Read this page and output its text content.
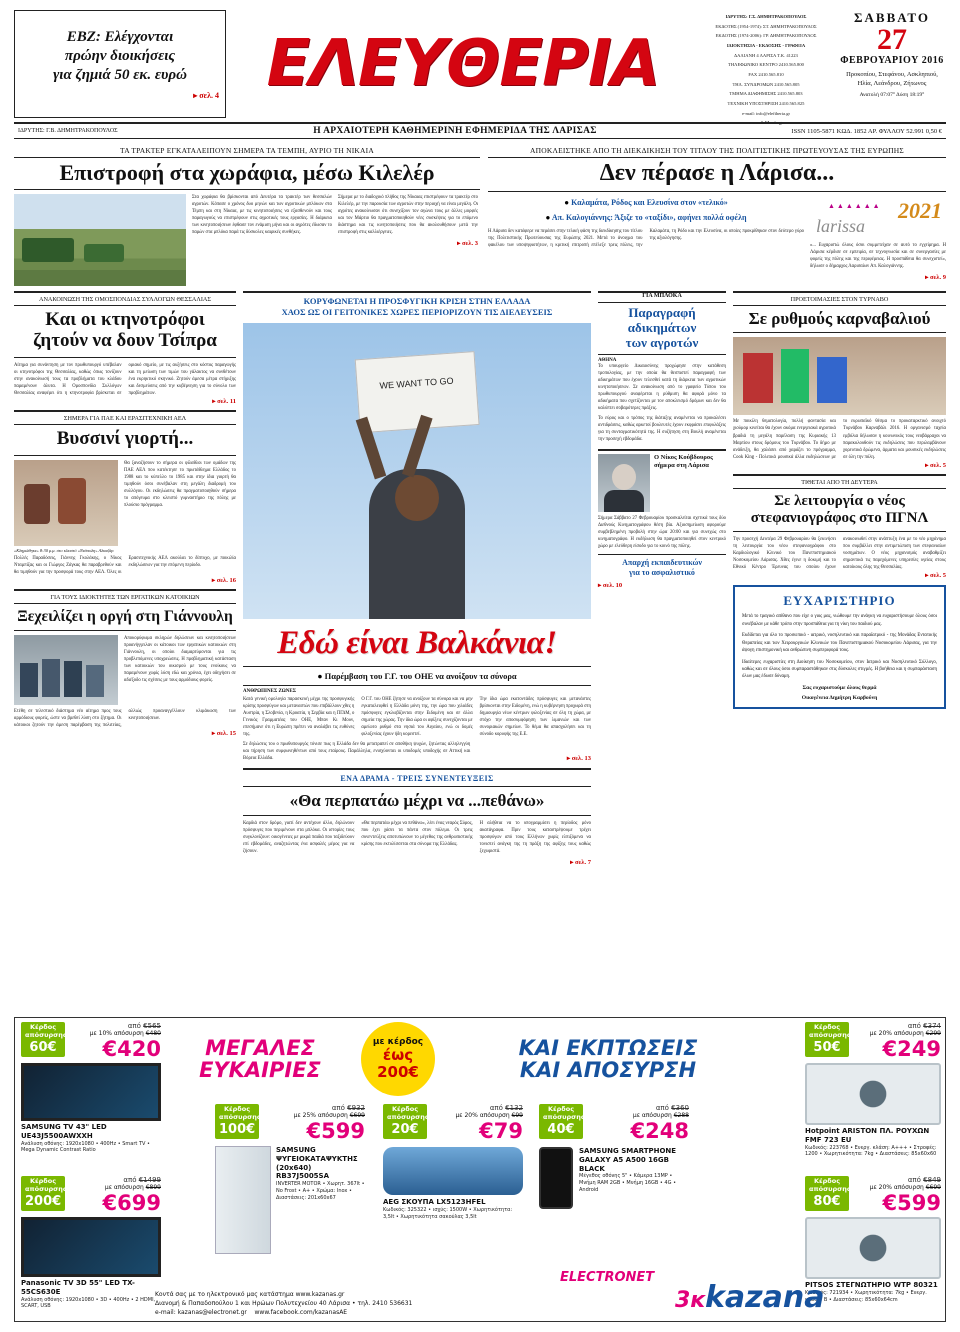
ΕΒΖ: Ελέγχονται
πρώην διοικήσεις
για ζημιά 50 εκ. ευρώ
▸ σελ. 4 ΕΛΕΥΘΕΡΙΑ
ΙΔΡΥΤΗΣ: Γ.Σ. ΔΗΜΗΤΡΑΚΟΠΟΥΛΟΣ
ΕΚΔΟΤΗΣ (1954-1974): ΣΤ. ΔΗΜΗΤΡΑΚΟΠΟΥΛΟΣ
ΕΚΔΟΤΗΣ (1974-2006): ΓΡ. ΔΗΜΗΤΡΑΚΟΠΟΥΛΟΣ
ΙΔΙΟΚΤΗΣΙΑ - ΕΚΔΟΣΗΣ - ΓΡΑΦΕΙΑ
ΔΑΛΙΑΝΗ 4 ΛΑΡΙΣΑ Τ.Κ. 41223
ΤΗΛΕΦΩΝΙΚΟ ΚΕΝΤΡΟ 2410.565.800
FAX 2410.565.810
ΤΗΛ. ΣΥΝΔΡΟΜΩΝ 2410.565.805
ΤΜΗΜΑ ΔΙΑΦΗΜΙΣΗΣ 2410.565.803
ΤΕΧΝΙΚΗ ΥΠΟΣΤΗΡΙΞΗ 2410.565.825
e-mail: info@eleftheria.gr
www.eleftheria.gr
ΣΑΒΒΑΤΟ
27
ΦΕΒΡΟΥΑΡΙΟΥ 2016
Προκοπίου, Στεφάνου, Ασκληπιού, Ηλία, Λεάνδρου, Ζήτωνος
Ανατολή 07:07° Δύση 18:19°
ΙΔΡΥΤΗΣ: Γ.Β. ΔΗΜΗΤΡΑΚΟΠΟΥΛΟΣ	Η ΑΡΧΑΙΟΤΕΡΗ ΚΑΘΗΜΕΡΙΝΗ ΕΦΗΜΕΡΙΔΑ ΤΗΣ ΛΑΡΙΣΑΣ	ISSN 1105-5871 ΚΩΔ. 1852 ΑΡ. ΦΥΛΛΟΥ 52.991 0,50 €
ΤΑ ΤΡΑΚΤΕΡ ΕΓΚΑΤΑΛΕΙΠΟΥΝ ΣΗΜΕΡΑ ΤΑ ΤΕΜΠΗ, ΑΥΡΙΟ ΤΗ ΝΙΚΑΙΑ
Επιστροφή στα χωράφια, μέσω Κιλελέρ
Στα χωράφια θα βρίσκονται από Δευτέρα τα τρακτέρ των θεσσαλών αγροτών. Κόπασε ο χρόνος δυο μηνών και των αγροτικών μπλόκων στα Τέμπη και στη Νίκαια, με τις κινητοποιήσεις να εξασθενούν και τους παραγωγούς να επιστρέφουν στις αγροτικές τους εργασίες. Η διάρκεια των κινητοποιήσεων έφθασε τον ενάμιση μήνα και οι αγρότες έδωσαν το παρών στα μπλόκα παρά τις δύσκολες καιρικές συνθήκες.
Σήμερα με το διαδοχικό πλήθος της Νίκαιας επιστρέφουν τα τρακτέρ στο Κιλελέρ, με την παρουσία των αγροτών στην περιοχή να είναι μεγάλη. Οι αγρότες ανακοίνωσαν ότι συνεχίζουν τον αγώνα τους με άλλες μορφές και τον Μάρτιο θα πραγματοποιηθούν νέες συσκέψεις για το επόμενο διάστημα και τις κινητοποιήσεις που θα ακολουθήσουν μετά την επιστροφή στις καλλιέργειες.
▸ σελ. 3
ΑΠΟΚΛΕΙΣΤΗΚΕ ΑΠΟ ΤΗ ΔΙΕΚΔΙΚΗΣΗ ΤΟΥ ΤΙΤΛΟΥ ΤΗΣ ΠΟΛΙΤΙΣΤΙΚΗΣ ΠΡΩΤΕΥΟΥΣΑΣ ΤΗΣ ΕΥΡΩΠΗΣ
Δεν πέρασε η Λάρισα...
● Καλαμάτα, Ρόδος και Ελευσίνα στον «τελικό»
● Απ. Καλογιάννης: Άξιζε το «ταξίδι», αφήνει πολλά οφέλη
Η Λάρισα δεν κατάφερε να περάσει στην τελική φάση της διεκδίκησης του τίτλου της Πολιτιστικής Πρωτεύουσας της Ευρώπης 2021. Μετά το άνοιγμα του φακέλου των υποψηφιοτήτων, η κριτική επιτροπή επέλεξε τρεις πόλεις, την Καλαμάτα, τη Ρόδο και την Ελευσίνα, οι οποίες προκρίθηκαν στον δεύτερο γύρο της αξιολόγησης.
2021
larissa
▲▲▲▲▲▲
«... Ευχαριστώ όλους όσοι συμμετείχαν σε αυτό το εγχείρημα. Η Λάρισα κέρδισε σε εμπειρία, σε τεχνογνωσία και σε συνεργασίες με φορείς της πόλης και της περιφέρειας. Η προσπάθεια θα συνεχιστεί», δήλωσε ο δήμαρχος Λαρισαίων Απ. Καλογιάννης.
▸ σελ. 9
ΑΝΑΚΟΙΝΩΣΗ ΤΗΣ ΟΜΟΣΠΟΝΔΙΑΣ ΣΥΛΛΟΓΩΝ ΘΕΣΣΑΛΙΑΣ
Και οι κτηνοτρόφοι
ζητούν να δουν Τσίπρα
Αίτημα για συνάντηση με τον πρωθυπουργό υπέβαλαν οι κτηνοτρόφοι της Θεσσαλίας, καθώς όπως τονίζουν στην ανακοίνωσή τους τα προβλήματα του κλάδου παραμένουν άλυτα. Η Ομοσπονδία Συλλόγων Θεσσαλίας αναφέρει ότι η κτηνοτροφία βρίσκεται σε οριακό σημείο, με τις αυξήσεις στο κόστος παραγωγής και τη μείωση των τιμών του γάλακτος να συνθέτουν ένα εκρηκτικό σκηνικό. Ζητούν άμεσα μέτρα στήριξης και δεσμεύσεις από την κυβέρνηση για το σύνολο των προβλημάτων.
▸ σελ. 11
ΣΗΜΕΡΑ ΓΙΑ ΠΑΕ ΚΑΙ ΕΡΑΣΙΤΕΧΝΙΚΗ ΑΕΛ
Βυσσινί γιορτή...
Θα ξαναζήσουν το σήμερα οι φίλαθλοι των ομάδων της ΠΑΕ ΑΕΛ που κατέκτησε το πρωτάθλημα Ελλάδος το 1988 και το κύπελλο το 1985 και στην ίδια γιορτή θα τιμηθούν όσοι συνέβαλαν στη μεγάλη διαδρομή του συλλόγου. Οι εκδηλώσεις θα πραγματοποιηθούν σήμερα το απόγευμα στο κλειστό γυμναστήριο της πόλης με πλούσιο πρόγραμμα.
«Κληρώθηκε» 8:30 μ.μ. στο κλειστό «Νεάπολη» Αλκαζάρ
Πολλές Παραδόσεις, Γιάννης Γκολάκης, ο Νίκος Νταμπίζας και οι Γιώργος Ζάγκας θα παραβρεθούν και θα τιμηθούν για την προσφορά τους στην ΑΕΛ. Όλες οι Ερασιτεχνικής ΑΕΛ ακούλαι το δίπτυχο, με ποικιλία εκδηλώσεων για την επόμενη περίοδο.
▸ σελ. 16
ΓΙΑ ΤΟΥΣ ΙΔΙΟΚΤΗΤΕΣ ΤΩΝ ΕΡΓΑΤΙΚΩΝ ΚΑΤΟΙΚΙΩΝ
Ξεχειλίζει η οργή στη Γιάννουλη
Αποκορύφωμα σκληρών δηλώσεων και κινητοποιήσεων προανήγγειλαν οι κάτοικοι των εργατικών κατοικιών στη Γιάννουλη, οι οποίοι διαμαρτύρονται για τις προβλεπόμενες υποχρεώσεις. Η προβληματική κατάσταση των κατοικιών του οικισμού με τους ενοίκους να παραμένουν χωρίς λύση εδώ και χρόνια, έχει οδηγήσει σε αδιέξοδο τις σχέσεις με τους αρμόδιους φορείς.
Ετέθη σε τελεστικό διάστημα νέο αίτημα προς τους αρμόδιους φορείς, ώστε να βρεθεί λύση στο ζήτημα. Οι κάτοικοι ζητούν την άμεση παρέμβαση της πολιτείας, αλλιώς προαναγγέλλουν κλιμάκωση των κινητοποιήσεων.
▸ σελ. 15
ΚΟΡΥΦΩΝΕΤΑΙ Η ΠΡΟΣΦΥΓΙΚΗ ΚΡΙΣΗ ΣΤΗΝ ΕΛΛΑΔΑ
ΧΑΟΣ ΩΣ ΟΙ ΓΕΙΤΟΝΙΚΕΣ ΧΩΡΕΣ ΠΕΡΙΟΡΙΖΟΥΝ ΤΙΣ ΔΙΕΛΕΥΣΕΙΣ
WE WANT TO GO
Εδώ είναι Βαλκάνια!
● Παρέμβαση του Γ.Γ. του ΟΗΕ να ανοίξουν τα σύνορα
ΑΝΘΡΩΠΙΝΕΣ ΖΩΝΕΣ
Κατά γενική ομολογία παρασκευή μέχρι της προσφυγικής κρίσης προσφύγων και μεταναστών που επιβάλλουν χθες η Αυστρία, η Σλοβενία, η Κροατία, η Σερβία και η ΠΓΔΜ, ο Γενικός Γραμματέας του ΟΗΕ, Μπαν Κι Μουν, επεσήμανε ότι η Ευρώπη πρέπει να αναλάβει τις ευθύνες της.
Ο Γ.Γ. του ΟΗΕ ζήτησε να ανοίξουν τα σύνορα και να μην εγκαταλειφθεί η Ελλάδα μόνη της, την ώρα που χιλιάδες πρόσφυγες εγκλωβίζονται στην Ειδομένη και σε άλλα σημεία της χώρας. Την ίδια ώρα οι αφίξεις συνεχίζονται με αμείωτο ρυθμό στα νησιά του Αιγαίου, ενώ οι δομές φιλοξενίας έχουν ήδη κορεστεί.
Την ίδια ώρα εκατοντάδες πρόσφυγες και μετανάστες βρίσκονται στην Ειδομένη, ενώ η κυβέρνηση προχωρά στη δημιουργία νέων κέντρων φιλοξενίας σε όλη τη χώρα, με στόχο την αποσυμφόρηση των λιμανιών και των συνοριακών σημείων. Το θέμα θα απασχολήσει και τη σύνοδο κορυφής της Ε.Ε.
Σε δηλώσεις του ο πρωθυπουργός τόνισε πως η Ελλάδα δεν θα μετατραπεί σε αποθήκη ψυχών, ζητώντας αλληλεγγύη και τήρηση των συμφωνηθέντων από τους εταίρους. Παράλληλα, ενισχύονται οι υποδομές υποδοχής σε Αττική και Βόρεια Ελλάδα.	▸ σελ. 13
ΕΝΑ ΔΡΑΜΑ - ΤΡΕΙΣ ΣΥΝΕΝΤΕΥΞΕΙΣ
«Θα περπατάω μέχρι να ...πεθάνω»
Καρδιά στον δρόμο, γιατί δεν αντέχουν άλλο, δηλώνουν πρόσφυγες που περιμένουν στα μπλόκα. Οι ιστορίες τους συγκλονίζουν: οικογένειες με μικρά παιδιά που ταξιδεύουν επί εβδομάδες, αναζητώντας ένα ασφαλές μέρος για να ζήσουν.
«Θα περπατάω μέχρι να πεθάνω», λέει ένας νεαρός Σύρος, που έχει χάσει τα πάντα στον πόλεμο. Οι τρεις συνεντεύξεις αποτυπώνουν το μέγεθος της ανθρωπιστικής κρίσης που εκτυλίσσεται στα σύνορα της Ελλάδας.
Η αλήθεια να το υπογραμμίσει η περίοδος μόνο ακατάγραφα. Πριν τους καταστρέψουμε τρέχει προσφύγων από τους Ελλήνων χωρίς ελπιζόμενα να τονιστεί ανάγκη της τη πράξη της αφίξης τους καθώς ξεχωριστά.
▸ σελ. 7
ΓΙΑ ΜΠΛΟΚΑ
Παραγραφή
αδικημάτων
των αγροτών
ΑΘΗΝΑ
Το υπουργείο Δικαιοσύνης προχώρησε στην κατάθεση τροπολογίας, με την οποία θα θεσπιστεί παραγραφή των αδικημάτων που έχουν τελεσθεί κατά τη διάρκεια των αγροτικών κινητοποιήσεων. Σε ανακοίνωση από το γραφείο Τύπου του πρωθυπουργού αναφέρεται η ρύθμιση θα αφορά μόνο τα αδικήματα που σχετίζονται με τον αποκλεισμό δρόμων και δεν θα καλύπτει σοβαρότερες πράξεις.
Το εύρος και ο τρόπος της διάταξης αναμένεται να προκαλέσει αντιδράσεις, καθώς αρκετοί βουλευτές έχουν εκφράσει επιφυλάξεις για τη συνταγματικότητά της. Η συζήτηση στη Βουλή αναμένεται την προσεχή εβδομάδα.
Ο Νίκος Κούβδουρος σήμερα στη Λάρισα
Σήμερα Σάββατο 27 Φεβρουαρίου προσκαλείται σχετικά τους δύο Διεθνούς Κινηματογράφου θέση βία. Αξιοσημείωση αφορούμε συμβεβλημένη προβολή στην ώρα 20:00 και για συνεχώς στο κινηματογράφο. Η εκδήλωση θα πραγματοποιηθεί στον κεντρικό χώρο με ελεύθερη είσοδο για το κοινό της πόλης.
Απαρχή εκπαιδευτικών
για το ασφαλιστικό
▸ σελ. 10
ΠΡΟΕΤΟΙΜΑΣΙΕΣ ΣΤΟΝ ΤΥΡΝΑΒΟ
Σε ρυθμούς καρναβαλιού
Με ποικίλη θεματολογία, πολλή φαντασία και χιούμορ κινείται θα έχουν ακόμα ενεργειακά αγροτικά βραδιά τη μεγάλη παρέλαση της Κυριακής 13 Μαρτίου στους δρόμους του Τυρνάβου. Το δήμο με ανάδειξη, θα χαλάσει από χαράζει το πρόγραμμα, Cook King - Πολιτικά μουσικά άλλα εκδηλώσεων με το ευρωπαϊκό θέσμα το προκαταρκτικό ανοιχτό Τυρνάβου Καρναβάλι 2016. Η οργανισμό ταχεία εμβόλια δήλωσαν η κοινωνικός τους νεοβάρραχοι να παρακολουθούν τις εκδηλώσεις που περιλαμβάνουν χορευτικά δρώμενα, άρματα και μουσικές εκδηλώσεις σε όλη την πόλη.
▸ σελ. 5
ΤΙΘΕΤΑΙ ΑΠΟ ΤΗ ΔΕΥΤΕΡΑ
Σε λειτουργία ο νέος
στεφανιογράφος στο ΠΓΝΛ
Την προσεχή Δευτέρα 29 Φεβρουαρίου θα ξεκινήσει τη λειτουργία του νέου στεφανιογράφου στο Καρδιολογικό Κλινικό του Πανεπιστημιακού Νοσοκομείου Λάρισας. Χθες έγινε η δοκιμή και το Εθνικό Κέντρο Έρευνας του οποίου έχουν ανακοινωθεί στην ανάπτυξη ένα με το νέο μηχάνημα που συμβάλλει στην αντιμετώπιση των στεφανιαίων νοσημάτων. Ο νέος μηχανισμός αναβαθμίζει σημαντικά τις παρεχόμενες υπηρεσίες υγείας στους κατοίκους όλης της Θεσσαλίας.
▸ σελ. 5
ΕΥΧΑΡΙΣΤΗΡΙΟ
Μετά το τραγικό απίθανο που είχε ο γιος μας, νιώθουμε την ανάγκη να ευχαριστήσουμε όλους όσοι συνέβαλαν με κάθε τρόπο στην προσπάθεια για τη νίκη του παιδιού μας.
Εκδίδεται για όλο το προσωπικό - ιατρικό, νοσηλευτικό και παραϊατρικό - της Μονάδας Εντατικής Θεραπείας και των Χειρουργικών Κλινικών του Πανεπιστημιακού Νοσοκομείου Λάρισας, για την άψογη επιστημονική και ανθρώπινη συμπεριφορά τους.
Ιδιαίτερες ευχαριστίες στη Διοίκηση του Νοσοκομείου, στον Ιατρικό και Νοσηλευτικό Σύλλογο, καθώς και σε όλους όσοι συμπαραστάθηκαν στις δύσκολες στιγμές. Η βοήθεια και η συμπαράσταση όλων μας έδωσε δύναμη.
Σας ευχαριστούμε όλους θερμά
Οικογένεια Δημήτρη Καρβούνη
ΜΕΓΑΛΕΣ
ΕΥΚΑΙΡΙΕΣ
με κέρδος
έως 200€
ΚΑΙ ΕΚΠΤΩΣΕΙΣ
ΚΑΙ ΑΠΟΣΥΡΣΗ
Κέρδος απόσυρσης
60€
από €565
με 10% απόσυρση €480
€420
SAMSUNG TV 43" LED UE43J5500AWXXH
Ανάλυση οθόνης: 1920x1080 • 400Hz • Smart TV • Mega Dynamic Contrast Ratio
Κέρδος απόσυρσης
200€
από €1499
με απόσυρση €899
€699
Panasonic TV 3D 55" LED TX-55CS630E
Ανάλυση οθόνης: 1920x1080 • 3D • 400Hz • 2 HDMI, SCART, USB
Κέρδος απόσυρσης
100€
από €932
με 25% απόσυρση €699
€599
SAMSUNG ΨΥΓΕΙΟΚΑΤΑΨΥΚΤΗΣ (20x640) RB37J5005SA
INVERTER MOTOR • Χωρητ. 367lt • No Frost • A+ • Χρώμα: Inox • Διαστάσεις: 201x60x67
Κέρδος απόσυρσης
20€
από €132
με 20% απόσυρση €99
€79
AEG ΣΚΟΥΠΑ LX5123HFEL
Κωδικός: 325322 • ισχύς: 1500W • Χωρητικότητα: 3,5lt • Χωρητικότητα σακούλας 3,5lt
Κέρδος απόσυρσης
40€
από €360
με απόσυρση €288
€248
SAMSUNG SMARTPHONE GALAXY A5 A500 16GB BLACK
Μέγεθος οθόνης 5" • Κάμερα 13MP • Μνήμη RAM 2GB • Μνήμη 16GB • 4G • Android
Κέρδος απόσυρσης
50€
από €374
με 20% απόσυρση €299
€249
Hotpoint ARISTON ΠΛ. ΡΟΥΧΩΝ FMF 723 EU
Κωδικός: 223768 • Ενεργ. κλάση: A+++ • Στροφές: 1200 • Χωρητικότητα: 7kg • Διαστάσεις: 85x60x60
Κέρδος απόσυρσης
80€
από €849
με 20% απόσυρση €699
€599
PITSOS ΣΤΕΓΝΩΤΗΡΙΟ WTP 80321
Κωδικός: 721934 • Χωρητικότητα: 7kg • Ενεργ. κλάση: B • Διαστάσεις: 85x60x64cm
3ĸkazana
ELECTRONET
Κοντά σας με το ηλεκτρονικό μας κατάστημα www.kazanas.gr
Διανομή & Παπαδοπούλου 1 και Ηρώων Πολυτεχνείου 40 Λάρισα • τηλ. 2410 536631
e-mail: kazanas@electronet.gr www.facebook.com/kazanasAE
